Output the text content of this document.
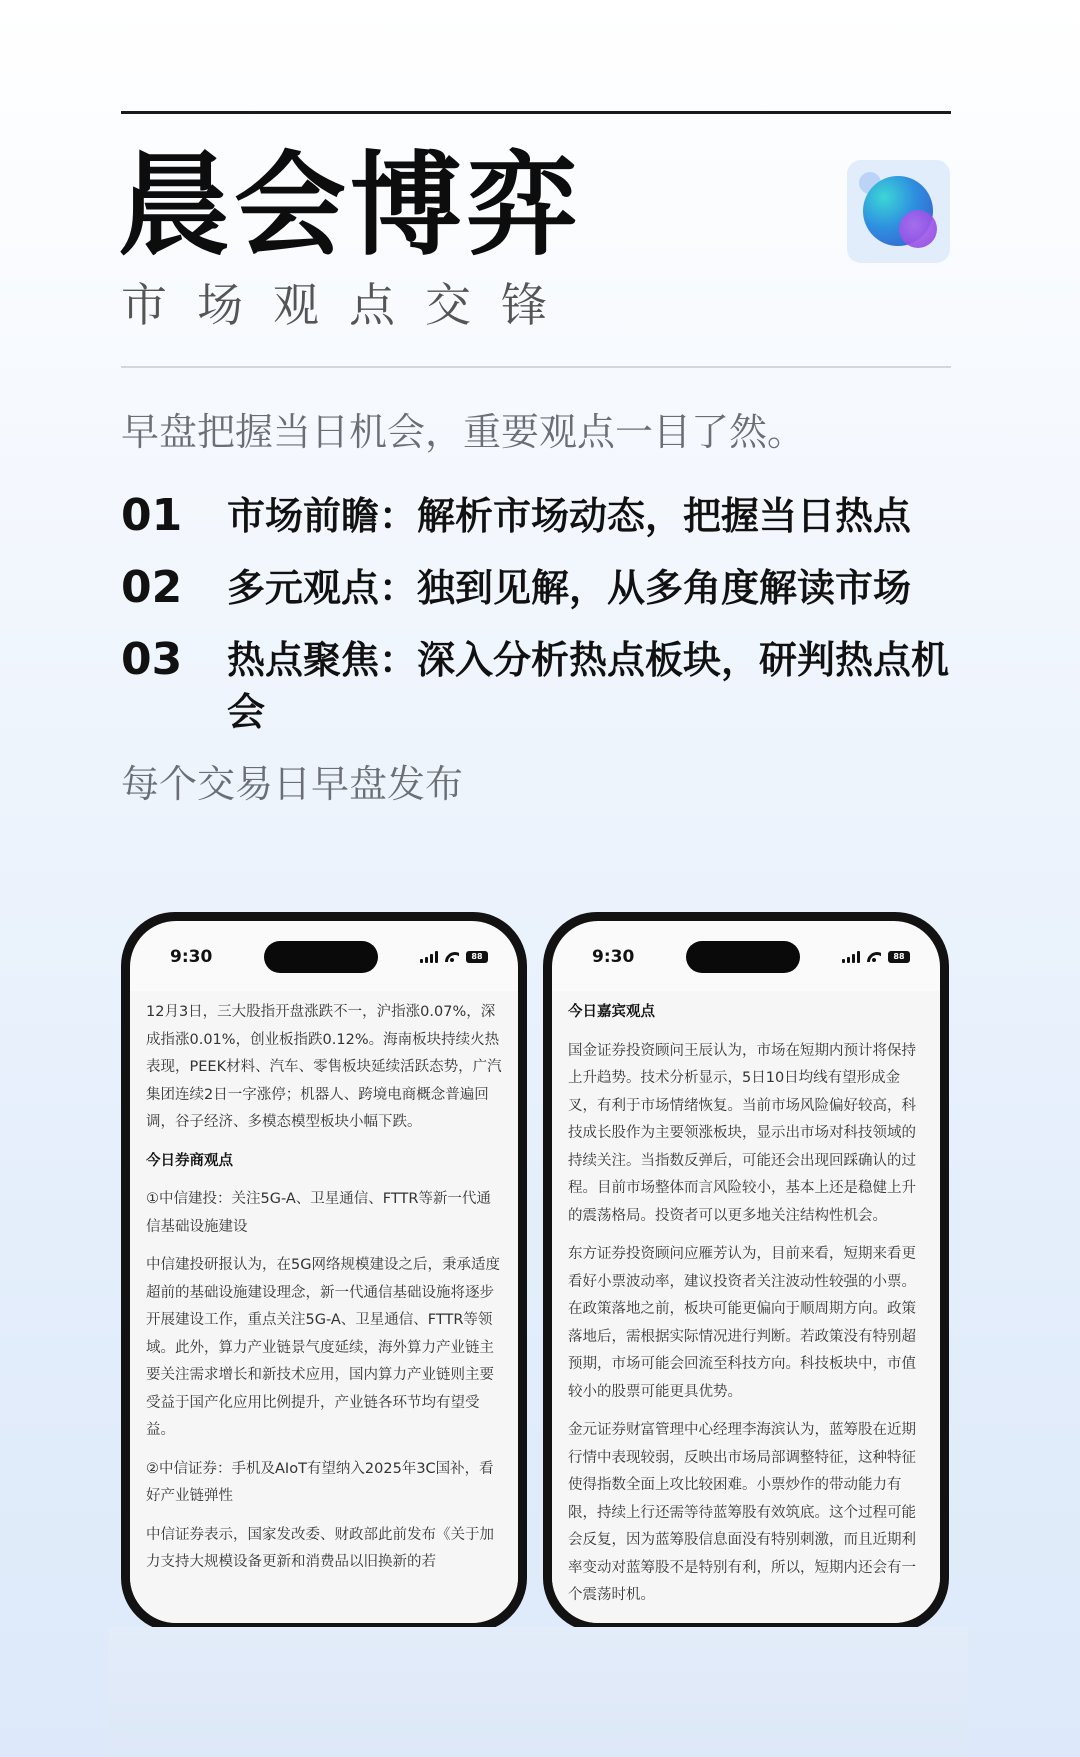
晨会博弈
市场观点交锋
早盘把握当日机会，重要观点一目了然。
01 市场前瞻：解析市场动态，把握当日热点
02 多元观点：独到见解，从多角度解读市场
03 热点聚焦：深入分析热点板块，研判热点机会
每个交易日早盘发布
9:30	88

12月3日，三大股指开盘涨跌不一，沪指涨0.07%，深成指涨0.01%，创业板指跌0.12%。海南板块持续火热表现，PEEK材料、汽车、零售板块延续活跃态势，广汽集团连续2日一字涨停；机器人、跨境电商概念普遍回调，谷子经济、多模态模型板块小幅下跌。

今日券商观点

①中信建投：关注5G-A、卫星通信、FTTR等新一代通信基础设施建设

中信建投研报认为，在5G网络规模建设之后，秉承适度超前的基础设施建设理念，新一代通信基础设施将逐步开展建设工作，重点关注5G-A、卫星通信、FTTR等领域。此外，算力产业链景气度延续，海外算力产业链主要关注需求增长和新技术应用，国内算力产业链则主要受益于国产化应用比例提升，产业链各环节均有望受益。

②中信证券：手机及AIoT有望纳入2025年3C国补，看好产业链弹性

中信证券表示，国家发改委、财政部此前发布《关于加力支持大规模设备更新和消费品以旧换新的若

9:30	88

今日嘉宾观点

国金证券投资顾问王辰认为，市场在短期内预计将保持上升趋势。技术分析显示，5日10日均线有望形成金叉，有利于市场情绪恢复。当前市场风险偏好较高，科技成长股作为主要领涨板块，显示出市场对科技领域的持续关注。当指数反弹后，可能还会出现回踩确认的过程。目前市场整体而言风险较小，基本上还是稳健上升的震荡格局。投资者可以更多地关注结构性机会。

东方证券投资顾问应雁芳认为，目前来看，短期来看更看好小票波动率，建议投资者关注波动性较强的小票。在政策落地之前，板块可能更偏向于顺周期方向。政策落地后，需根据实际情况进行判断。若政策没有特别超预期，市场可能会回流至科技方向。科技板块中，市值较小的股票可能更具优势。

金元证券财富管理中心经理李海滨认为，蓝筹股在近期行情中表现较弱，反映出市场局部调整特征，这种特征使得指数全面上攻比较困难。小票炒作的带动能力有限，持续上行还需等待蓝筹股有效筑底。这个过程可能会反复，因为蓝筹股信息面没有特别刺激，而且近期利率变动对蓝筹股不是特别有利，所以，短期内还会有一个震荡时机。
